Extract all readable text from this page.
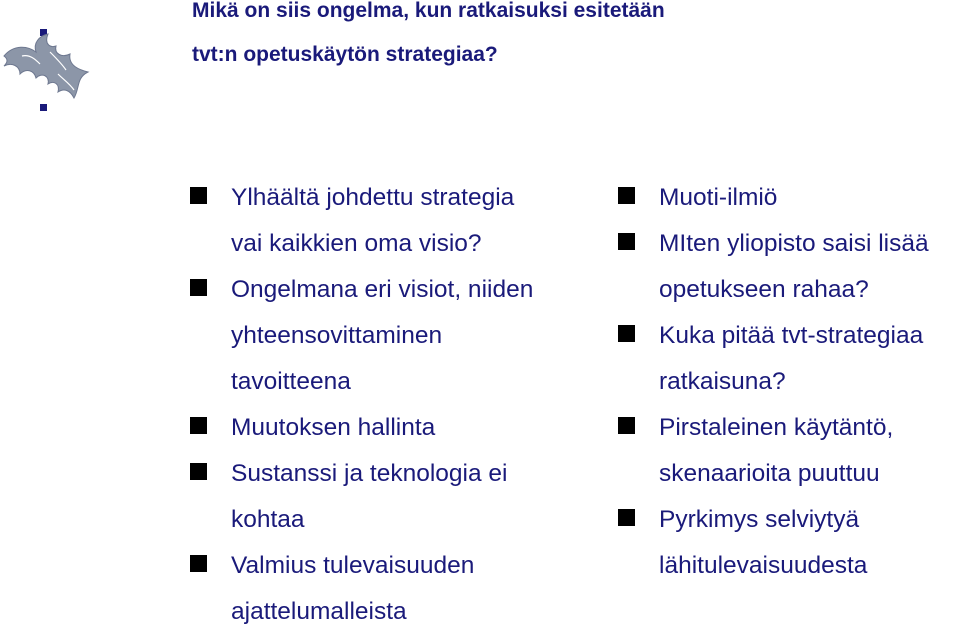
Mikä on siis ongelma, kun ratkaisuksi esitetään
tvt:n opetuskäytön strategiaa?
Ylhäältä johdettu strategia
vai kaikkien oma visio?
Ongelmana eri visiot, niiden
yhteensovittaminen
tavoitteena
Muutoksen hallinta
Sustanssi ja teknologia ei
kohtaa
Valmius tulevaisuuden
ajattelumalleista
Muoti-ilmiö
MIten yliopisto saisi lisää
opetukseen rahaa?
Kuka pitää tvt-strategiaa
ratkaisuna?
Pirstaleinen käytäntö,
skenaarioita puuttuu
Pyrkimys selviytyä
lähitulevaisuudesta
